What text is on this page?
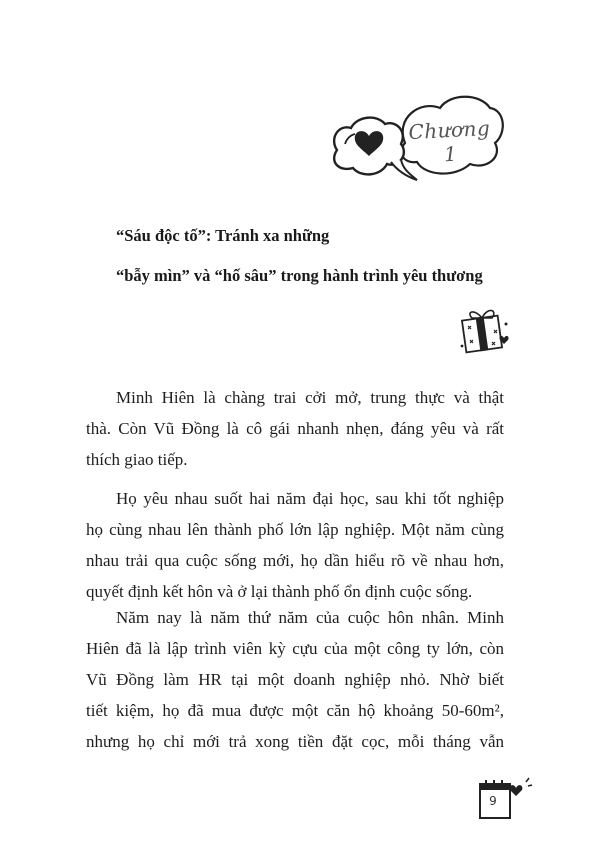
Chương 1
“Sáu độc tố”: Tránh xa những
“bẫy mìn” và “hố sâu” trong hành trình yêu thương
Minh Hiên là chàng trai cởi mở, trung thực và thật
thà. Còn Vũ Đồng là cô gái nhanh nhẹn, đáng yêu và rất
thích giao tiếp.
Họ yêu nhau suốt hai năm đại học, sau khi tốt nghiệp
họ cùng nhau lên thành phố lớn lập nghiệp. Một năm cùng
nhau trải qua cuộc sống mới, họ dần hiểu rõ về nhau hơn,
quyết định kết hôn và ở lại thành phố ổn định cuộc sống.
Năm nay là năm thứ năm của cuộc hôn nhân. Minh
Hiên đã là lập trình viên kỳ cựu của một công ty lớn, còn
Vũ Đồng làm HR tại một doanh nghiệp nhỏ. Nhờ biết
tiết kiệm, họ đã mua được một căn hộ khoảng 50-60m²,
nhưng họ chỉ mới trả xong tiền đặt cọc, mỗi tháng vẫn
9
